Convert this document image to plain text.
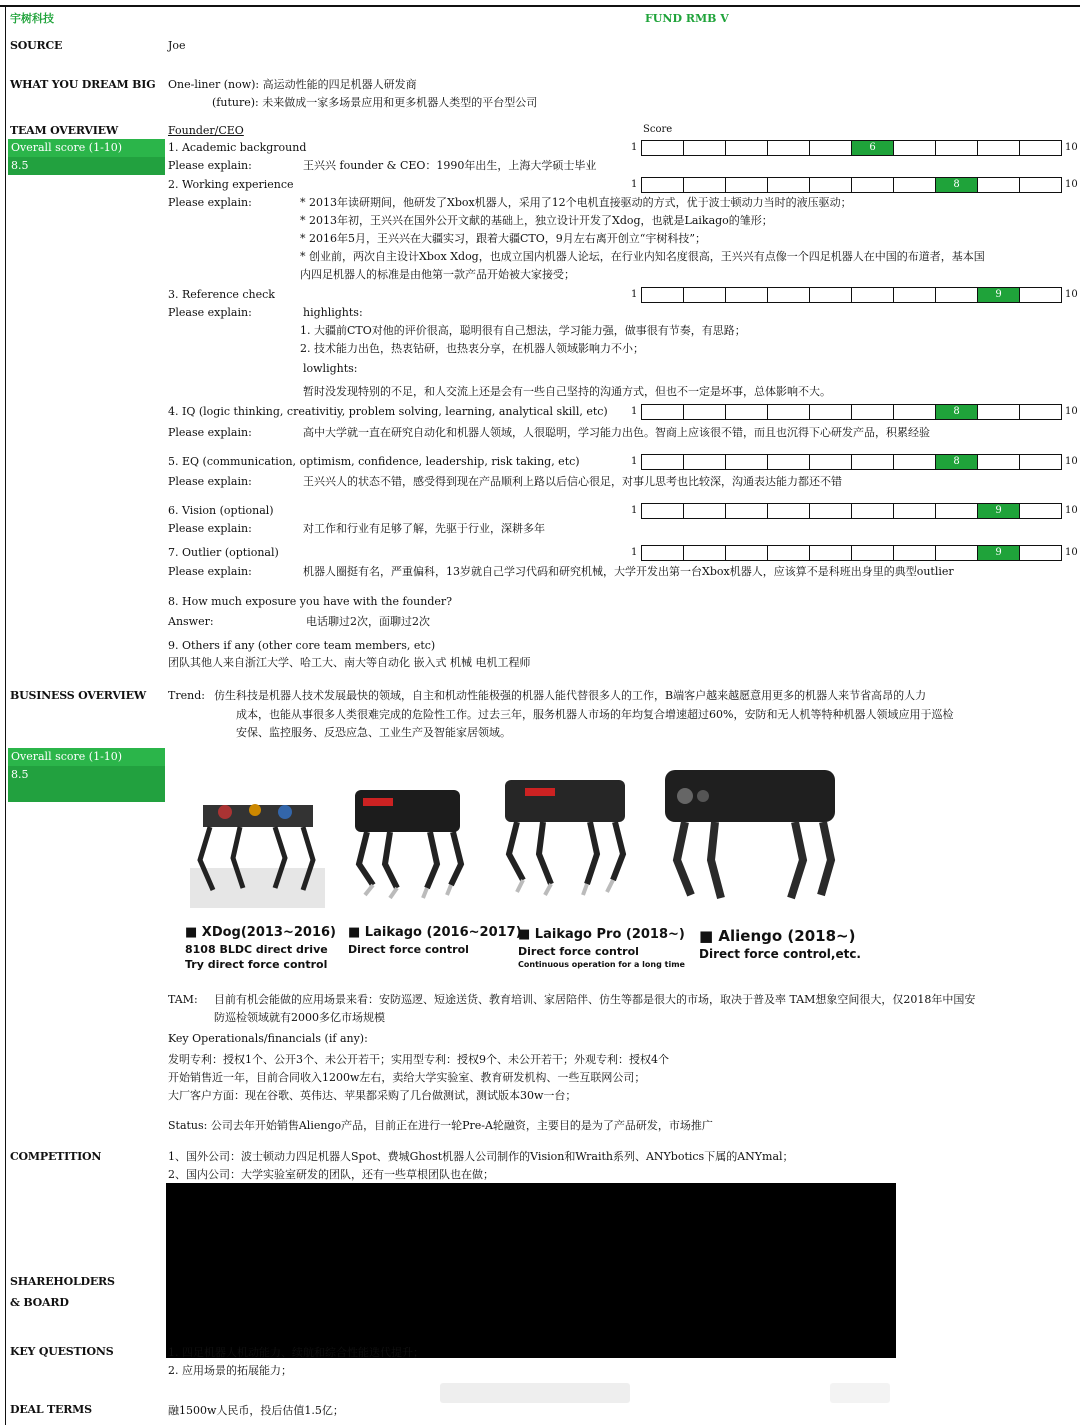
宇树科技	FUND RMB V
SOURCE	Joe
WHAT YOU DREAM BIG One-liner (now): 高运动性能的四足机器人研发商
(future): 未来做成一家多场景应用和更多机器人类型的平台型公司
TEAM OVERVIEW	Founder/CEO	Score
Overall score (1-10)
8.5
1. Academic background	1	6	10
Please explain:	王兴兴 founder & CEO：1990年出生，上海大学硕士毕业
2. Working experience	1	8	10
Please explain:	* 2013年读研期间，他研发了Xbox机器人，采用了12个电机直接驱动的方式，优于波士顿动力当时的液压驱动；
* 2013年初，王兴兴在国外公开文献的基础上，独立设计开发了Xdog，也就是Laikago的雏形；
* 2016年5月，王兴兴在大疆实习，跟着大疆CTO，9月左右离开创立“宇树科技”；
* 创业前，两次自主设计Xbox Xdog，也成立国内机器人论坛，在行业内知名度很高，王兴兴有点像一个四足机器人在中国的布道者，基本国
内四足机器人的标准是由他第一款产品开始被大家接受；
3. Reference check	1	9	10
Please explain:	highlights:
1. 大疆前CTO对他的评价很高，聪明很有自己想法，学习能力强，做事很有节奏，有思路；
2. 技术能力出色，热衷钻研，也热衷分享，在机器人领域影响力不小；
lowlights:
暂时没发现特别的不足，和人交流上还是会有一些自己坚持的沟通方式，但也不一定是坏事，总体影响不大。
4. IQ (logic thinking, creativitiy, problem solving, learning, analytical skill, etc) 1	8	10
Please explain:	高中大学就一直在研究自动化和机器人领域，人很聪明，学习能力出色。智商上应该很不错，而且也沉得下心研发产品，积累经验
5. EQ (communication, optimism, confidence, leadership, risk taking, etc)	1	8	10
Please explain:	王兴兴人的状态不错，感受得到现在产品顺利上路以后信心很足，对事儿思考也比较深，沟通表达能力都还不错
6. Vision (optional)	1	9	10
Please explain:	对工作和行业有足够了解，先驱于行业，深耕多年
7. Outlier (optional)	1	9	10
Please explain:	机器人圈挺有名，严重偏科，13岁就自己学习代码和研究机械，大学开发出第一台Xbox机器人，应该算不是科班出身里的典型outlier
8. How much exposure you have with the founder?
Answer:	电话聊过2次，面聊过2次
9. Others if any (other core team members, etc)
团队其他人来自浙江大学、哈工大、南大等自动化 嵌入式 机械 电机工程师
BUSINESS OVERVIEW Trend: 仿生科技是机器人技术发展最快的领域，自主和机动性能极强的机器人能代替很多人的工作，B端客户越来越愿意用更多的机器人来节省高昂的人力
成本，也能从事很多人类很难完成的危险性工作。过去三年，服务机器人市场的年均复合增速超过60%，安防和无人机等特种机器人领域应用于巡检
安保、监控服务、反恐应急、工业生产及智能家居领域。
Overall score (1-10)
8.5
■ XDog(2013~2016)
8108 BLDC direct drive
Try direct force control
■ Laikago (2016~2017)
Direct force control
■ Laikago Pro (2018~)
Direct force control
Continuous operation for a long time
■ Aliengo (2018~)
Direct force control,etc.
TAM: 目前有机会能做的应用场景来看：安防巡逻、短途送货、教育培训、家居陪伴、仿生等都是很大的市场，取决于普及率 TAM想象空间很大，仅2018年中国安
防巡检领域就有2000多亿市场规模
Key Operationals/financials (if any):
发明专利：授权1个、公开3个、未公开若干；实用型专利：授权9个、未公开若干；外观专利：授权4个
开始销售近一年，目前合同收入1200w左右，卖给大学实验室、教育研发机构、一些互联网公司；
大厂客户方面：现在谷歌、英伟达、苹果都采购了几台做测试，测试版本30w一台；
Status: 公司去年开始销售Aliengo产品，目前正在进行一轮Pre-A轮融资，主要目的是为了产品研发，市场推广
COMPETITION	1、国外公司：波士顿动力四足机器人Spot、费城Ghost机器人公司制作的Vision和Wraith系列、ANYbotics下属的ANYmal；
2、国内公司：大学实验室研发的团队，还有一些草根团队也在做；
SHAREHOLDERS
& BOARD
KEY QUESTIONS	1. 四足机器人机动能力、续航和综合性能迭代提升；
2. 应用场景的拓展能力；
DEAL TERMS	融1500w人民币，投后估值1.5亿；
